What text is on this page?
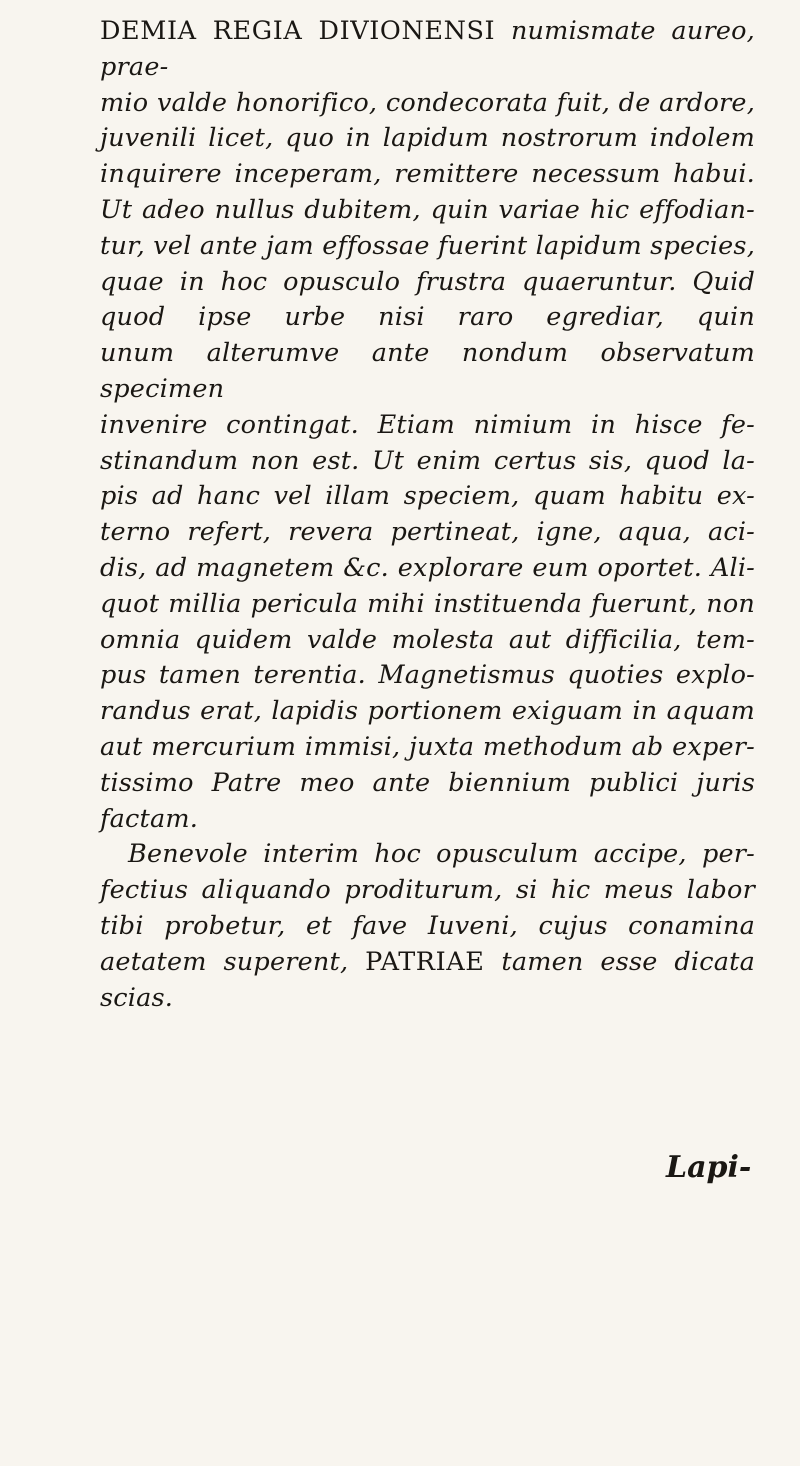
DEMIA REGIA DIVIONENSI numismate aureo, prae-
mio valde honorifico, condecorata fuit, de ardore,
juvenili licet, quo in lapidum nostrorum indolem
inquirere inceperam, remittere necessum habui.
Ut adeo nullus dubitem, quin variae hic effodian-
tur, vel ante jam effossae fuerint lapidum species,
quae in hoc opusculo frustra quaeruntur. Quid
quod ipse urbe nisi raro egrediar, quin
unum alterumve ante nondum observatum specimen
invenire contingat. Etiam nimium in hisce fe-
stinandum non est. Ut enim certus sis, quod la-
pis ad hanc vel illam speciem, quam habitu ex-
terno refert, revera pertineat, igne, aqua, aci-
dis, ad magnetem &c. explorare eum oportet. Ali-
quot millia pericula mihi instituenda fuerunt, non
omnia quidem valde molesta aut difficilia, tem-
pus tamen terentia. Magnetismus quoties explo-
randus erat, lapidis portionem exiguam in aquam
aut mercurium immisi, juxta methodum ab exper-
tissimo Patre meo ante biennium publici juris
factam.
Benevole interim hoc opusculum accipe, per-
fectius aliquando proditurum, si hic meus labor
tibi probetur, et fave Iuveni, cujus conamina
aetatem superent, PATRIAE tamen esse dicata scias.
Lapi-
